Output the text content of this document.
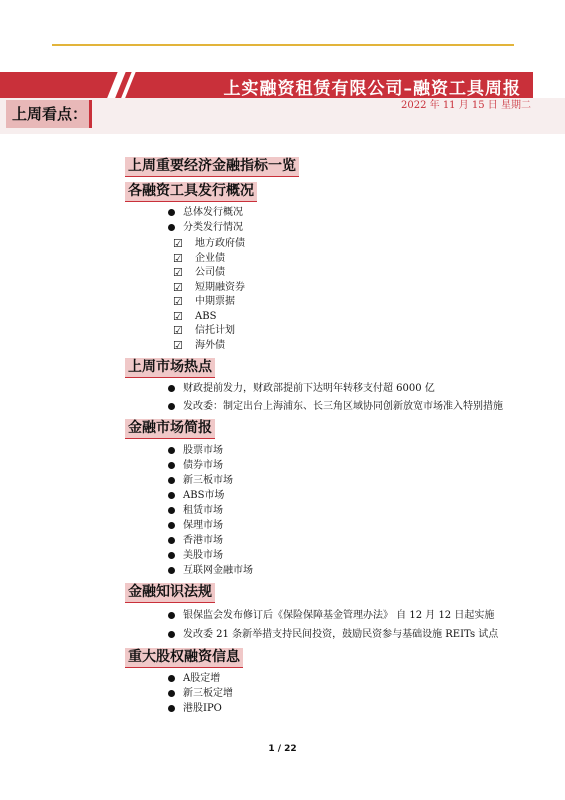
上实融资租赁有限公司–融资工具周报
2022 年 11 月 15 日 星期二
上周看点：
上周重要经济金融指标一览
各融资工具发行概况
总体发行概况
分类发行情况
☑ 地方政府债
☑ 企业债
☑ 公司债
☑ 短期融资券
☑ 中期票据
☑ ABS
☑ 信托计划
☑ 海外债
上周市场热点
财政提前发力，财政部提前下达明年转移支付超 6000 亿
发改委：制定出台上海浦东、长三角区域协同创新放宽市场准入特别措施
金融市场简报
股票市场
债券市场
新三板市场
ABS市场
租赁市场
保理市场
香港市场
美股市场
互联网金融市场
金融知识法规
银保监会发布修订后《保险保障基金管理办法》 自 12 月 12 日起实施
发改委 21 条新举措支持民间投资，鼓励民资参与基础设施 REITs 试点
重大股权融资信息
A股定增
新三板定增
港股IPO
1 / 22
